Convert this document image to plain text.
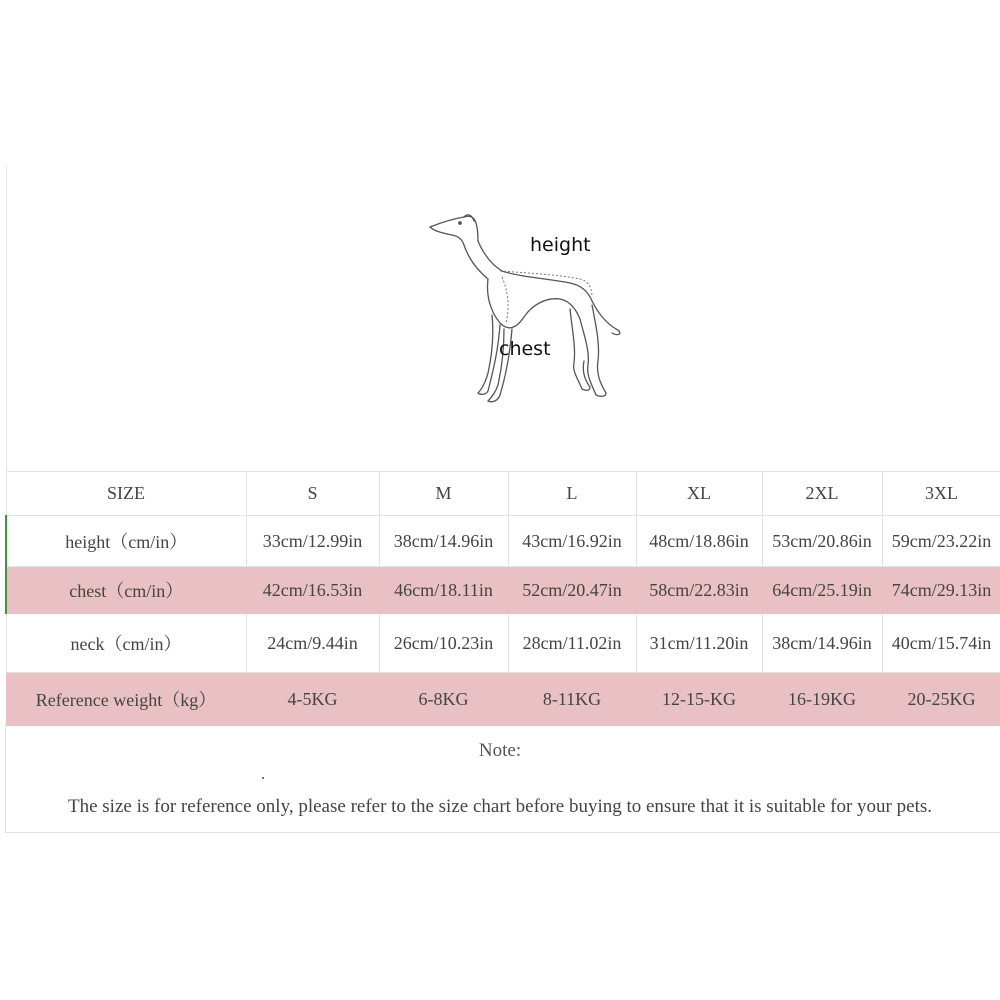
height
chest
SIZE	S	M	L	XL	2XL	3XL
height（cm/in）	33cm/12.99in	38cm/14.96in	43cm/16.92in	48cm/18.86in	53cm/20.86in	59cm/23.22in
chest（cm/in）	42cm/16.53in	46cm/18.11in	52cm/20.47in	58cm/22.83in	64cm/25.19in	74cm/29.13in
neck（cm/in）	24cm/9.44in	26cm/10.23in	28cm/11.02in	31cm/11.20in	38cm/14.96in	40cm/15.74in
Reference weight（kg）	4-5KG	6-8KG	8-11KG	12-15-KG	16-19KG	20-25KG
Note:
The size is for reference only, please refer to the size chart before buying to ensure that it is suitable for your pets.
